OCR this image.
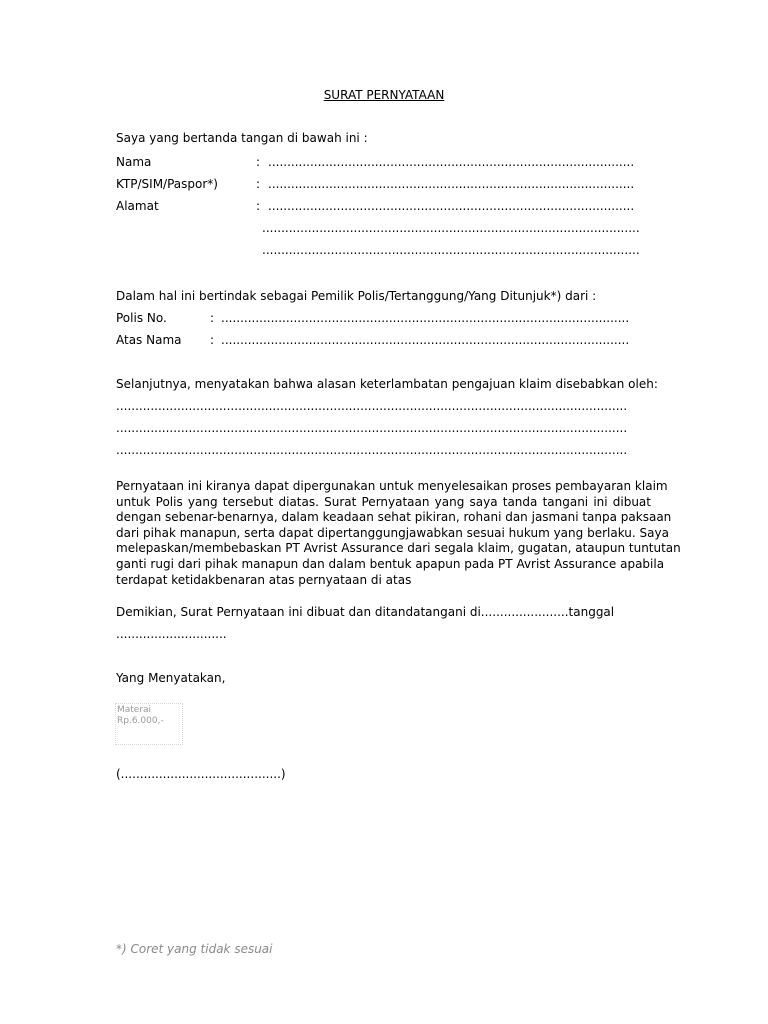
SURAT PERNYATAAN
Saya yang bertanda tangan di bawah ini :
Nama	: ................................................................................................
KTP/SIM/Paspor*)	: ................................................................................................
Alamat	: ................................................................................................
...................................................................................................
...................................................................................................
Dalam hal ini bertindak sebagai Pemilik Polis/Tertanggung/Yang Ditunjuk*) dari :
Polis No.	: ...........................................................................................................
Atas Nama : ...........................................................................................................
Selanjutnya, menyatakan bahwa alasan keterlambatan pengajuan klaim disebabkan oleh:
......................................................................................................................................
......................................................................................................................................
......................................................................................................................................
Pernyataan ini kiranya dapat dipergunakan untuk menyelesaikan proses pembayaran klaim
untuk Polis yang tersebut diatas. Surat Pernyataan yang saya tanda tangani ini dibuat
dengan sebenar-benarnya, dalam keadaan sehat pikiran, rohani dan jasmani tanpa paksaan
dari pihak manapun, serta dapat dipertanggungjawabkan sesuai hukum yang berlaku. Saya
melepaskan/membebaskan PT Avrist Assurance dari segala klaim, gugatan, ataupun tuntutan
ganti rugi dari pihak manapun dan dalam bentuk apapun pada PT Avrist Assurance apabila
terdapat ketidakbenaran atas pernyataan di atas
Demikian, Surat Pernyataan ini dibuat dan ditandatangani di.......................tanggal
.............................
Yang Menyatakan,
Materai
Rp.6.000,-
(..........................................)
*) Coret yang tidak sesuai
